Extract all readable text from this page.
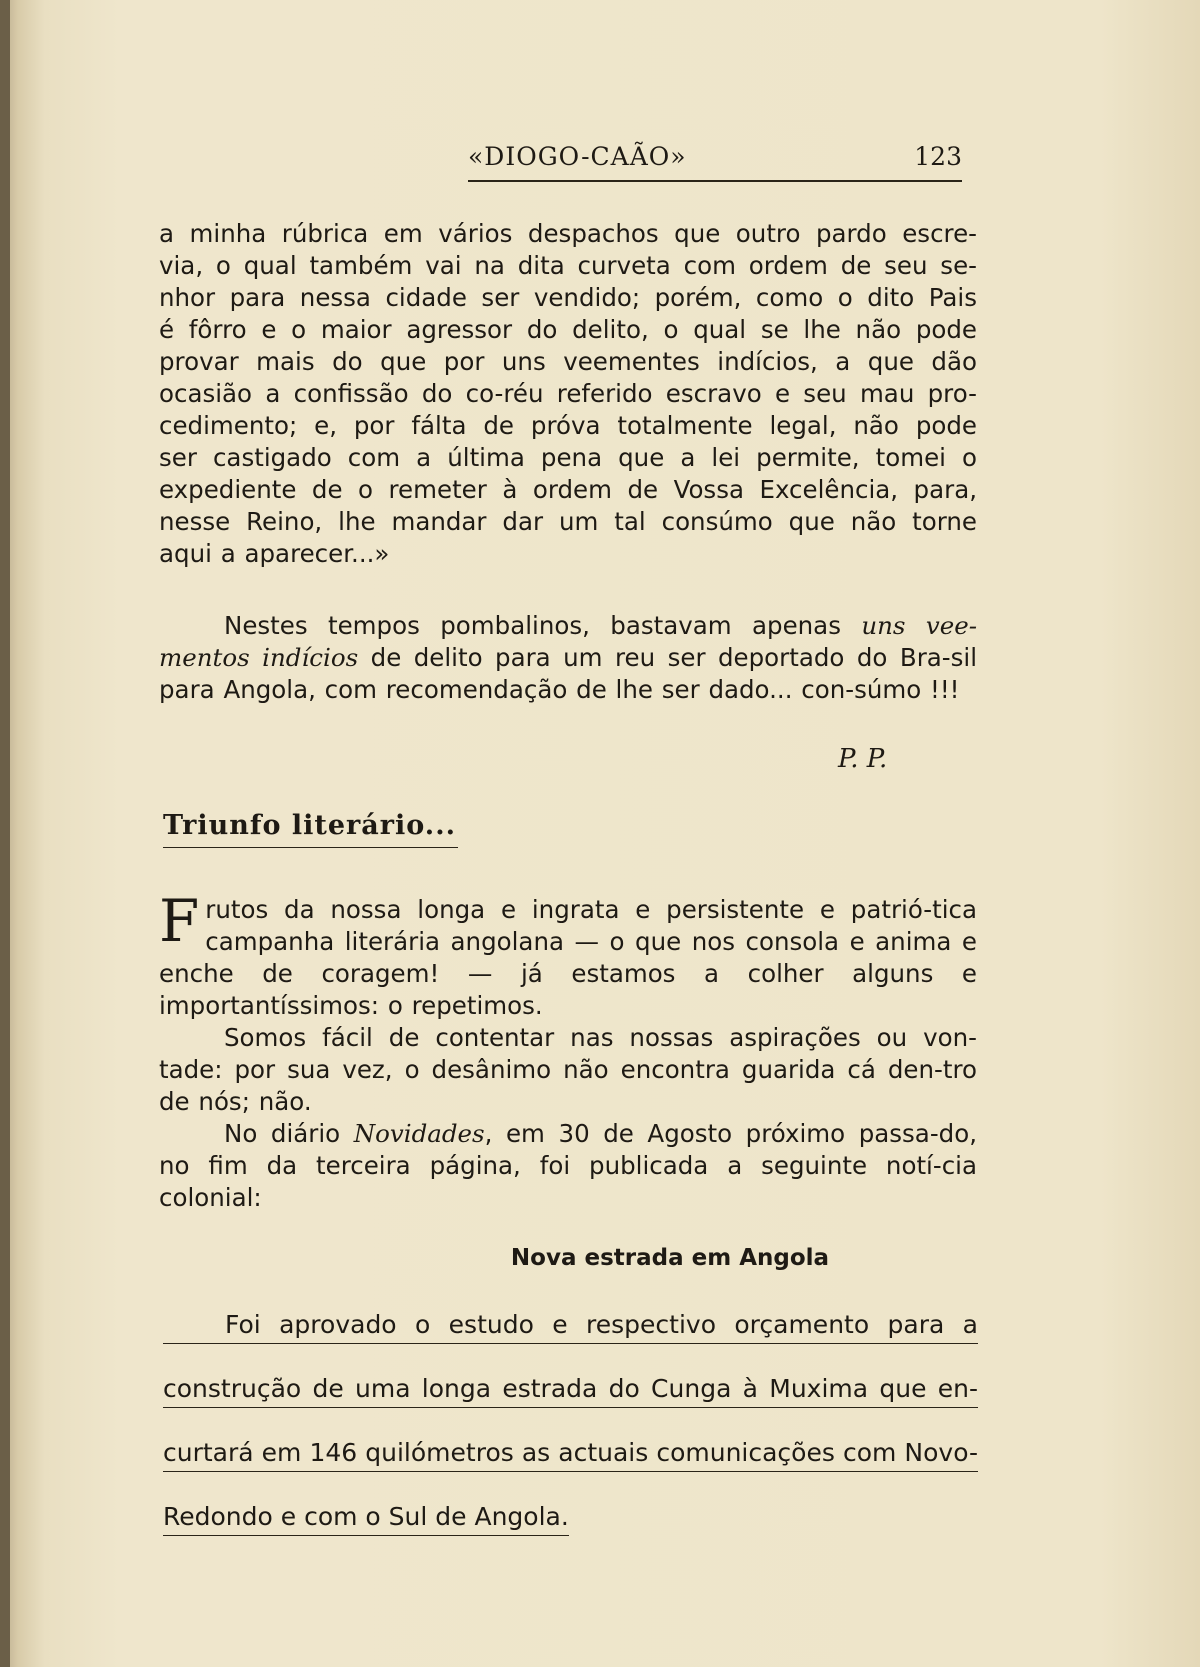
«DIOGO-CAÃO»	123
a minha rúbrica em vários despachos que outro pardo escre-
via, o qual também vai na dita curveta com ordem de seu se-
nhor para nessa cidade ser vendido; porém, como o dito Pais
é fôrro e o maior agressor do delito, o qual se lhe não pode
provar mais do que por uns veementes indícios, a que dão
ocasião a confissão do co-réu referido escravo e seu mau pro-
cedimento; e, por fálta de próva totalmente legal, não pode
ser castigado com a última pena que a lei permite, tomei o
expediente de o remeter à ordem de Vossa Excelência, para,
nesse Reino, lhe mandar dar um tal consúmo que não torne
aqui a aparecer...»

Nestes tempos pombalinos, bastavam apenas uns vee-mentos indícios de delito para um reu ser deportado do Bra-sil para Angola, com recomendação de lhe ser dado... con-súmo !!!

P. P.
Triunfo literário...

Frutos da nossa longa e ingrata e persistente e patrió-tica campanha literária angolana — o que nos consola e anima e enche de coragem! — já estamos a colher alguns e importantíssimos: o repetimos.

Somos fácil de contentar nas nossas aspirações ou von-tade: por sua vez, o desânimo não encontra guarida cá den-tro de nós; não.

No diário Novidades, em 30 de Agosto próximo passa-do, no fim da terceira página, foi publicada a seguinte notí-cia colonial:

Nova estrada em Angola
Foi aprovado o estudo e respectivo orçamento para a
construção de uma longa estrada do Cunga à Muxima que en-
curtará em 146 quilómetros as actuais comunicações com Novo-
Redondo e com o Sul de Angola.
